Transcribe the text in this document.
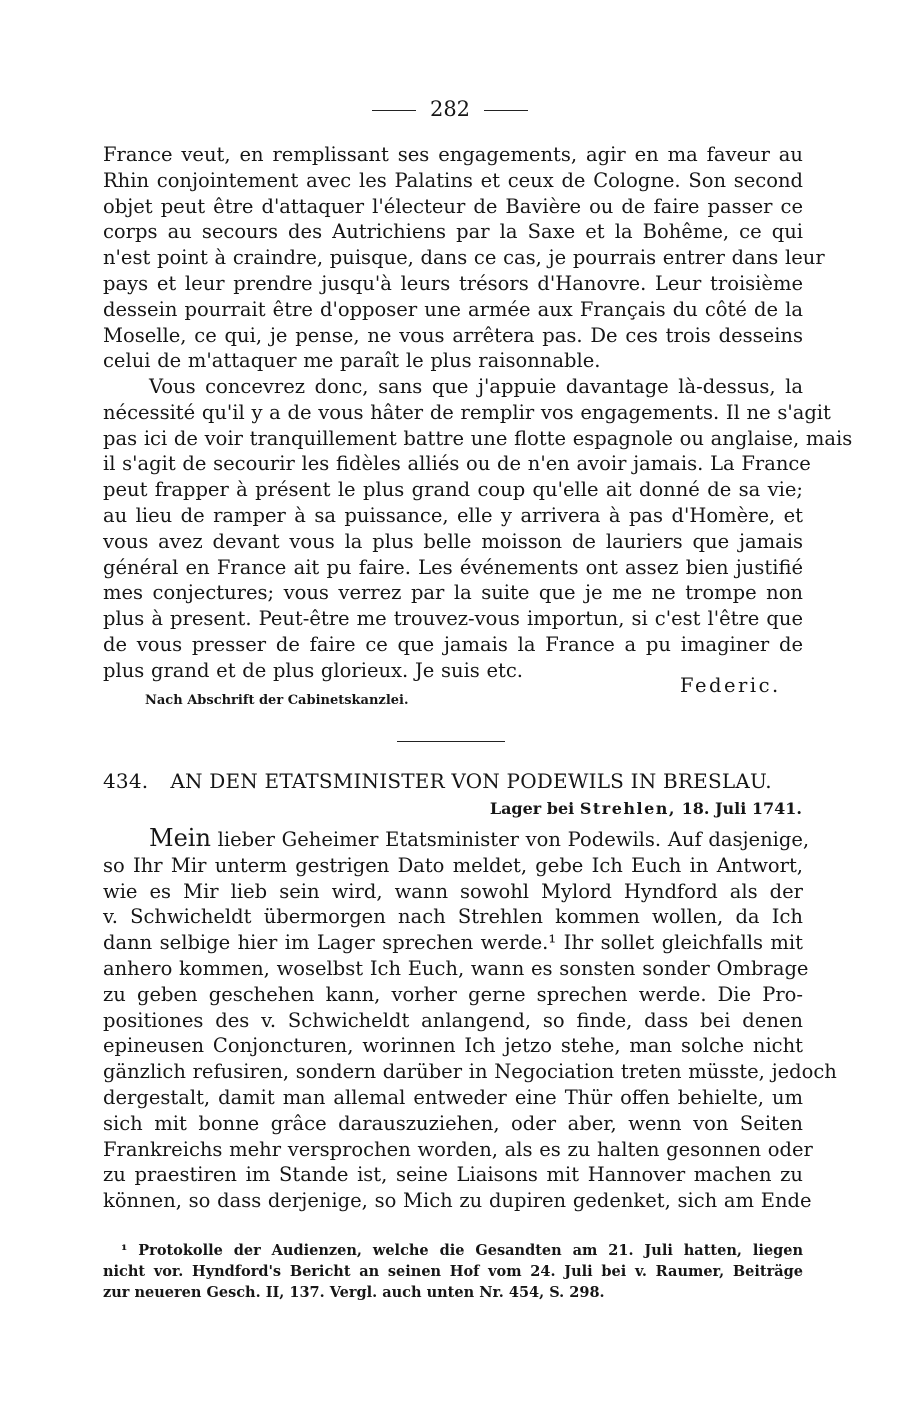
282
France veut, en remplissant ses engagements, agir en ma faveur au
Rhin conjointement avec les Palatins et ceux de Cologne. Son second
objet peut être d'attaquer l'électeur de Bavière ou de faire passer ce
corps au secours des Autrichiens par la Saxe et la Bohême, ce qui
n'est point à craindre, puisque, dans ce cas, je pourrais entrer dans leur
pays et leur prendre jusqu'à leurs trésors d'Hanovre. Leur troisième
dessein pourrait être d'opposer une armée aux Français du côté de la
Moselle, ce qui, je pense, ne vous arrêtera pas. De ces trois desseins
celui de m'attaquer me paraît le plus raisonnable.
Vous concevrez donc, sans que j'appuie davantage là-dessus, la
nécessité qu'il y a de vous hâter de remplir vos engagements. Il ne s'agit
pas ici de voir tranquillement battre une flotte espagnole ou anglaise, mais
il s'agit de secourir les fidèles alliés ou de n'en avoir jamais. La France
peut frapper à présent le plus grand coup qu'elle ait donné de sa vie;
au lieu de ramper à sa puissance, elle y arrivera à pas d'Homère, et
vous avez devant vous la plus belle moisson de lauriers que jamais
général en France ait pu faire. Les événements ont assez bien justifié
mes conjectures; vous verrez par la suite que je me ne trompe non
plus à present. Peut-être me trouvez-vous importun, si c'est l'être que
de vous presser de faire ce que jamais la France a pu imaginer de
plus grand et de plus glorieux. Je suis etc.
Federic.
Nach Abschrift der Cabinetskanzlei.
434. AN DEN ETATSMINISTER VON PODEWILS IN BRESLAU.
Lager bei Strehlen, 18. Juli 1741.
Mein lieber Geheimer Etatsminister von Podewils. Auf dasjenige,
so Ihr Mir unterm gestrigen Dato meldet, gebe Ich Euch in Antwort,
wie es Mir lieb sein wird, wann sowohl Mylord Hyndford als der
v. Schwicheldt übermorgen nach Strehlen kommen wollen, da Ich
dann selbige hier im Lager sprechen werde.¹ Ihr sollet gleichfalls mit
anhero kommen, woselbst Ich Euch, wann es sonsten sonder Ombrage
zu geben geschehen kann, vorher gerne sprechen werde. Die Pro-
positiones des v. Schwicheldt anlangend, so finde, dass bei denen
epineusen Conjoncturen, worinnen Ich jetzo stehe, man solche nicht
gänzlich refusiren, sondern darüber in Negociation treten müsste, jedoch
dergestalt, damit man allemal entweder eine Thür offen behielte, um
sich mit bonne grâce darauszuziehen, oder aber, wenn von Seiten
Frankreichs mehr versprochen worden, als es zu halten gesonnen oder
zu praestiren im Stande ist, seine Liaisons mit Hannover machen zu
können, so dass derjenige, so Mich zu dupiren gedenket, sich am Ende
¹ Protokolle der Audienzen, welche die Gesandten am 21. Juli hatten, liegen
nicht vor. Hyndford's Bericht an seinen Hof vom 24. Juli bei v. Raumer, Beiträge
zur neueren Gesch. II, 137. Vergl. auch unten Nr. 454, S. 298.
